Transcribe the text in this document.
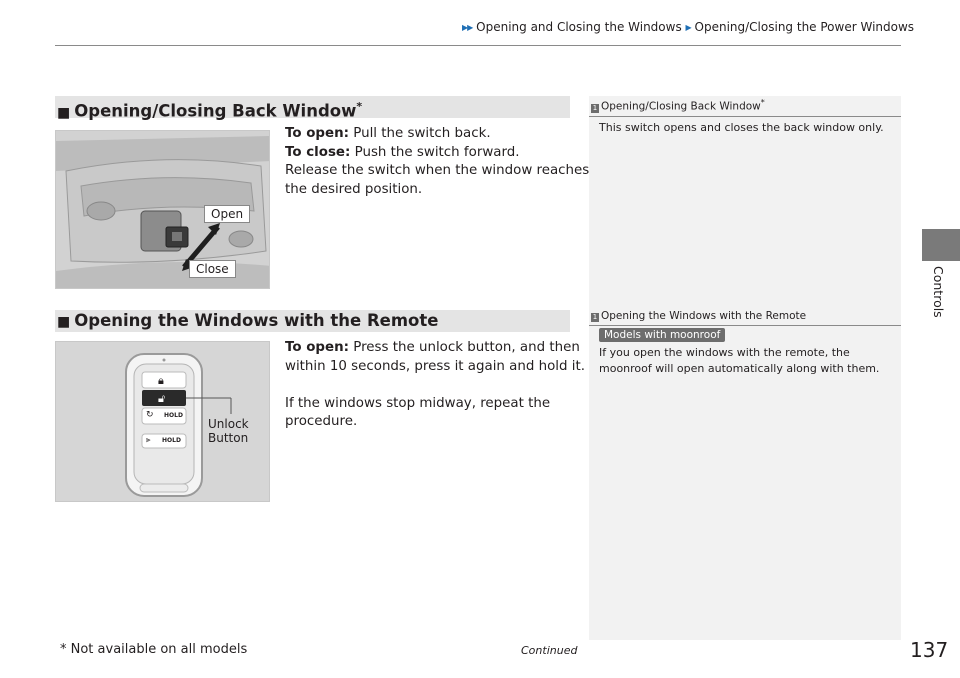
▶▶ Opening and Closing the Windows ▶ Opening/Closing the Power Windows
Controls
■ Opening/Closing Back Window*

To open: Pull the switch back.

To close: Push the switch forward.

Release the switch when the window reaches

the desired position.

Open
Close
1 Opening/Closing Back Window*
This switch opens and closes the back window only.
■ Opening the Windows with the Remote

To open: Press the unlock button, and then

within 10 seconds, press it again and hold it.

If the windows stop midway, repeat the

procedure.

🔒︎
🔓︎
↻ HOLD
⫸ HOLD
Unlock
Button
1 Opening the Windows with the Remote
Models with moonroof
If you open the windows with the remote, the
moonroof will open automatically along with them.
* Not available on all models	Continued	137
